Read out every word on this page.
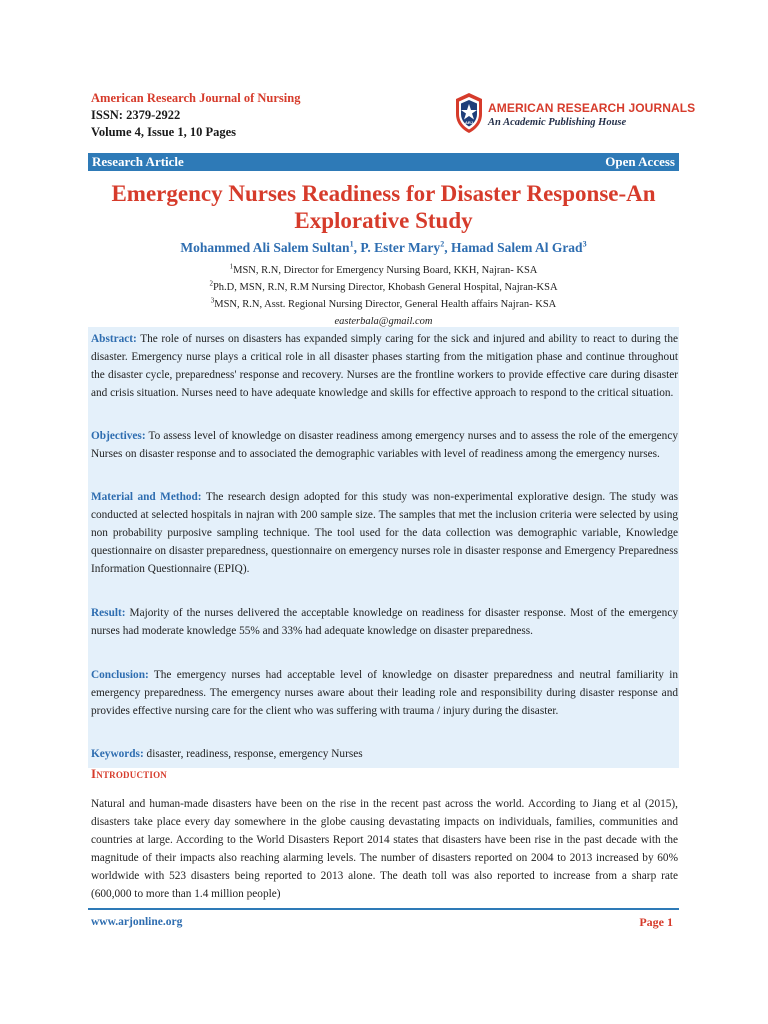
American Research Journal of Nursing
ISSN: 2379-2922
Volume 4, Issue 1, 10 Pages
ARJ
AMERICAN RESEARCH JOURNALS
An Academic Publishing House
Research Article	Open Access
Emergency Nurses Readiness for Disaster Response-An Explorative Study
Mohammed Ali Salem Sultan$^1$, P. Ester Mary$^2$, Hamad Salem Al Grad$^3$
$^1$MSN, R.N, Director for Emergency Nursing Board, KKH, Najran- KSA
$^2$Ph.D, MSN, R.N, R.M Nursing Director, Khobash General Hospital, Najran-KSA
$^3$MSN, R.N, Asst. Regional Nursing Director, General Health affairs Najran- KSA
easterbala@gmail.com
Abstract: The role of nurses on disasters has expanded simply caring for the sick and injured and ability to react to during the disaster. Emergency nurse plays a critical role in all disaster phases starting from the mitigation phase and continue throughout the disaster cycle, preparedness' response and recovery. Nurses are the frontline workers to provide effective care during disaster and crisis situation. Nurses need to have adequate knowledge and skills for effective approach to respond to the critical situation.
Objectives: To assess level of knowledge on disaster readiness among emergency nurses and to assess the role of the emergency Nurses on disaster response and to associated the demographic variables with level of readiness among the emergency nurses.
Material and Method: The research design adopted for this study was non-experimental explorative design. The study was conducted at selected hospitals in najran with 200 sample size. The samples that met the inclusion criteria were selected by using non probability purposive sampling technique. The tool used for the data collection was demographic variable, Knowledge questionnaire on disaster preparedness, questionnaire on emergency nurses role in disaster response and Emergency Preparedness Information Questionnaire (EPIQ).
Result: Majority of the nurses delivered the acceptable knowledge on readiness for disaster response. Most of the emergency nurses had moderate knowledge 55% and 33% had adequate knowledge on disaster preparedness.
Conclusion: The emergency nurses had acceptable level of knowledge on disaster preparedness and neutral familiarity in emergency preparedness. The emergency nurses aware about their leading role and responsibility during disaster response and provides effective nursing care for the client who was suffering with trauma / injury during the disaster.
Keywords: disaster, readiness, response, emergency Nurses
Introduction
Natural and human-made disasters have been on the rise in the recent past across the world. According to Jiang et al (2015), disasters take place every day somewhere in the globe causing devastating impacts on individuals, families, communities and countries at large. According to the World Disasters Report 2014 states that disasters have been rise in the past decade with the magnitude of their impacts also reaching alarming levels. The number of disasters reported on 2004 to 2013 increased by 60% worldwide with 523 disasters being reported to 2013 alone. The death toll was also reported to increase from a sharp rate (600,000 to more than 1.4 million people)
www.arjonline.org	Page 1
